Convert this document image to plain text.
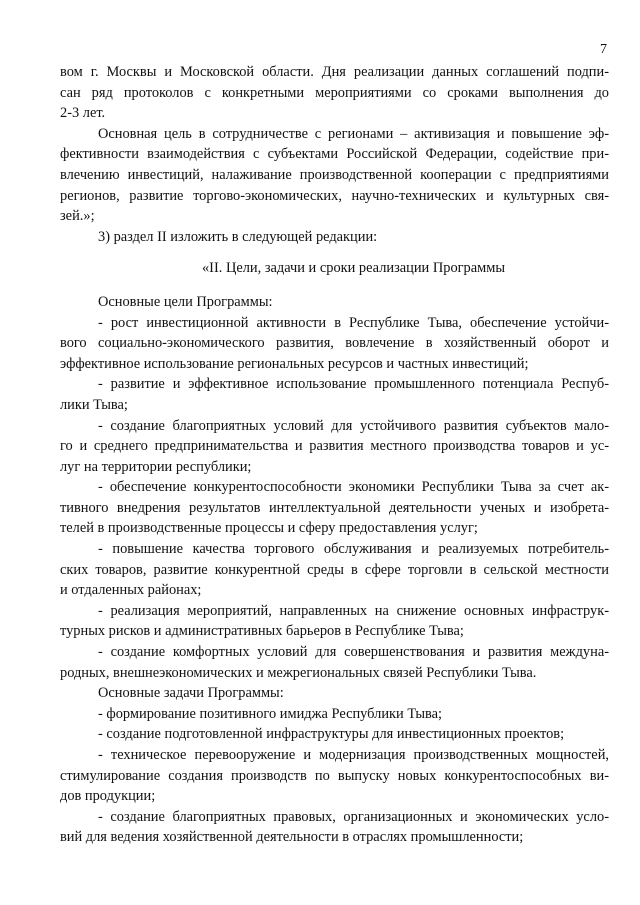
7
вом г. Москвы и Московской области. Дня реализации данных соглашений подпи-
сан ряд протоколов с конкретными мероприятиями со сроками выполнения до
2-3 лет.
Основная цель в сотрудничестве с регионами – активизация и повышение эф-
фективности взаимодействия с субъектами Российской Федерации, содействие при-
влечению инвестиций, налаживание производственной кооперации с предприятиями
регионов, развитие торгово-экономических, научно-технических и культурных свя-
зей.»;
3) раздел II изложить в следующей редакции:
«II. Цели, задачи и сроки реализации Программы
Основные цели Программы:
- рост инвестиционной активности в Республике Тыва, обеспечение устойчи-
вого социально-экономического развития, вовлечение в хозяйственный оборот и
эффективное использование региональных ресурсов и частных инвестиций;
- развитие и эффективное использование промышленного потенциала Респуб-
лики Тыва;
- создание благоприятных условий для устойчивого развития субъектов мало-
го и среднего предпринимательства и развития местного производства товаров и ус-
луг на территории республики;
- обеспечение конкурентоспособности экономики Республики Тыва за счет ак-
тивного внедрения результатов интеллектуальной деятельности ученых и изобрета-
телей в производственные процессы и сферу предоставления услуг;
- повышение качества торгового обслуживания и реализуемых потребитель-
ских товаров, развитие конкурентной среды в сфере торговли в сельской местности
и отдаленных районах;
- реализация мероприятий, направленных на снижение основных инфраструк-
турных рисков и административных барьеров в Республике Тыва;
- создание комфортных условий для совершенствования и развития междуна-
родных, внешнеэкономических и межрегиональных связей Республики Тыва.
Основные задачи Программы:
- формирование позитивного имиджа Республики Тыва;
- создание подготовленной инфраструктуры для инвестиционных проектов;
- техническое перевооружение и модернизация производственных мощностей,
стимулирование создания производств по выпуску новых конкурентоспособных ви-
дов продукции;
- создание благоприятных правовых, организационных и экономических усло-
вий для ведения хозяйственной деятельности в отраслях промышленности;
